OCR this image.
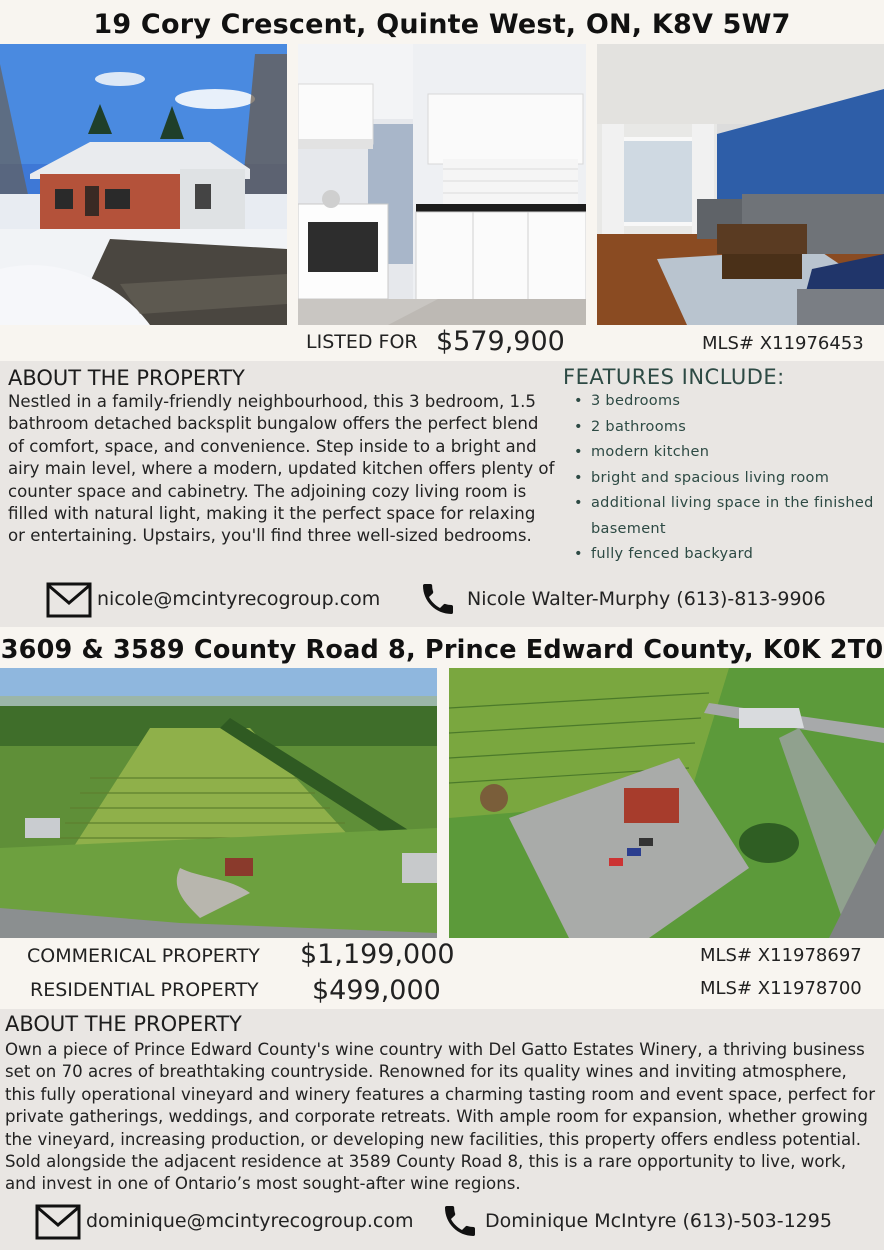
19 Cory Crescent, Quinte West, ON, K8V 5W7
LISTED FOR $579,900	MLS# X11976453
ABOUT THE PROPERTY
Nestled in a family-friendly neighbourhood, this 3 bedroom, 1.5 bathroom detached backsplit bungalow offers the perfect blend of comfort, space, and convenience. Step inside to a bright and airy main level, where a modern, updated kitchen offers plenty of counter space and cabinetry. The adjoining cozy living room is filled with natural light, making it the perfect space for relaxing or entertaining. Upstairs, you'll find three well-sized bedrooms.
FEATURES INCLUDE:
• 3 bedrooms
• 2 bathrooms
• modern kitchen
• bright and spacious living room
• additional living space in the finished basement
• fully fenced backyard
nicole@mcintyrecogroup.com	Nicole Walter-Murphy (613)-813-9906
3609 & 3589 County Road 8, Prince Edward County, K0K 2T0
COMMERICAL PROPERTY $1,199,000	MLS# X11978697
RESIDENTIAL PROPERTY $499,000	MLS# X11978700
ABOUT THE PROPERTY
Own a piece of Prince Edward County's wine country with Del Gatto Estates Winery, a thriving business set on 70 acres of breathtaking countryside. Renowned for its quality wines and inviting atmosphere, this fully operational vineyard and winery features a charming tasting room and event space, perfect for private gatherings, weddings, and corporate retreats. With ample room for expansion, whether growing the vineyard, increasing production, or developing new facilities, this property offers endless potential. Sold alongside the adjacent residence at 3589 County Road 8, this is a rare opportunity to live, work, and invest in one of Ontario’s most sought-after wine regions.
dominique@mcintyrecogroup.com	Dominique McIntyre (613)-503-1295
